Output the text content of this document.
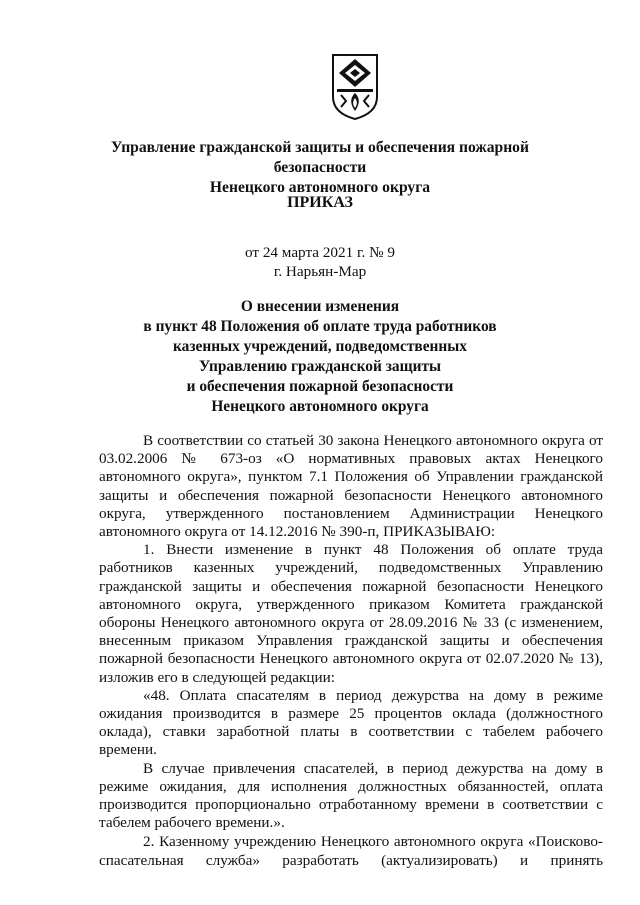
Управление гражданской защиты и обеспечения пожарной безопасности
Ненецкого автономного округа
ПРИКАЗ
от 24 марта 2021 г. № 9
г. Нарьян-Мар
О внесении изменения
в пункт 48 Положения об оплате труда работников
казенных учреждений, подведомственных
Управлению гражданской защиты
и обеспечения пожарной безопасности
Ненецкого автономного округа

В соответствии со статьей 30 закона Ненецкого автономного округа от 03.02.2006 № 673-оз «О нормативных правовых актах Ненецкого автономного округа», пунктом 7.1 Положения об Управлении гражданской защиты и обеспечения пожарной безопасности Ненецкого автономного округа, утвержденного постановлением Администрации Ненецкого автономного округа от 14.12.2016 № 390-п, ПРИКАЗЫВАЮ:

1. Внести изменение в пункт 48 Положения об оплате труда работников казенных учреждений, подведомственных Управлению гражданской защиты и обеспечения пожарной безопасности Ненецкого автономного округа, утвержденного приказом Комитета гражданской обороны Ненецкого автономного округа от 28.09.2016 № 33 (с изменением, внесенным приказом Управления гражданской защиты и обеспечения пожарной безопасности Ненецкого автономного округа от 02.07.2020 № 13), изложив его в следующей редакции:

«48. Оплата спасателям в период дежурства на дому в режиме ожидания производится в размере 25 процентов оклада (должностного оклада), ставки заработной платы в соответствии с табелем рабочего времени.

В случае привлечения спасателей, в период дежурства на дому в режиме ожидания, для исполнения должностных обязанностей, оплата производится пропорционально отработанному времени в соответствии с табелем рабочего времени.».

2. Казенному учреждению Ненецкого автономного округа «Поисково-спасательная служба» разработать (актуализировать) и принять
